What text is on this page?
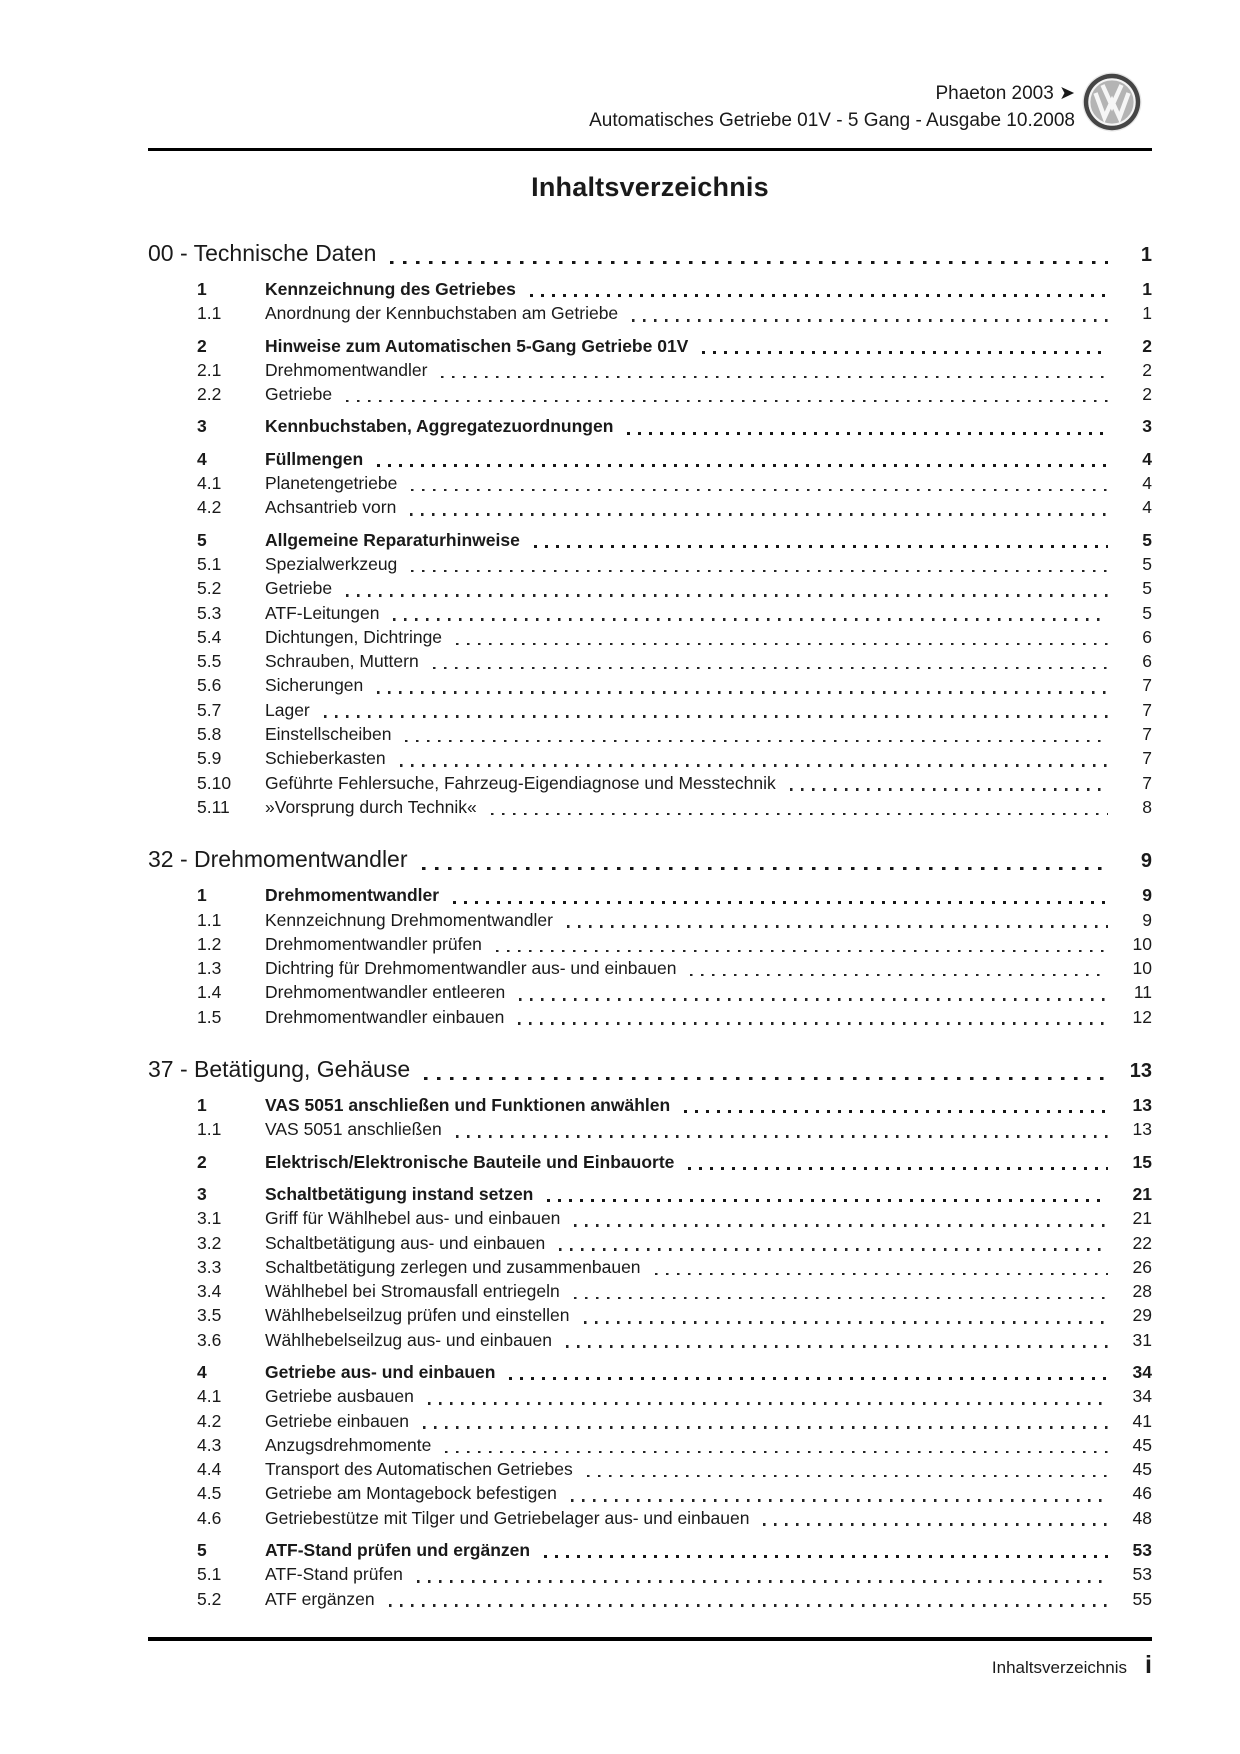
Phaeton 2003 ➤
Automatisches Getriebe 01V - 5 Gang - Ausgabe 10.2008
Inhaltsverzeichnis
00 - Technische Daten	1
1	Kennzeichnung des Getriebes	1
1.1	Anordnung der Kennbuchstaben am Getriebe	1
2	Hinweise zum Automatischen 5-Gang Getriebe 01V	2
2.1	Drehmomentwandler	2
2.2	Getriebe	2
3	Kennbuchstaben, Aggregatezuordnungen	3
4	Füllmengen	4
4.1	Planetengetriebe	4
4.2	Achsantrieb vorn	4
5	Allgemeine Reparaturhinweise	5
5.1	Spezialwerkzeug	5
5.2	Getriebe	5
5.3	ATF-Leitungen	5
5.4	Dichtungen, Dichtringe	6
5.5	Schrauben, Muttern	6
5.6	Sicherungen	7
5.7	Lager	7
5.8	Einstellscheiben	7
5.9	Schieberkasten	7
5.10	Geführte Fehlersuche, Fahrzeug-Eigendiagnose und Messtechnik	7
5.11	»Vorsprung durch Technik«	8
32 - Drehmomentwandler	9
1	Drehmomentwandler	9
1.1	Kennzeichnung Drehmomentwandler	9
1.2	Drehmomentwandler prüfen	10
1.3	Dichtring für Drehmomentwandler aus- und einbauen	10
1.4	Drehmomentwandler entleeren	11
1.5	Drehmomentwandler einbauen	12
37 - Betätigung, Gehäuse	13
1	VAS 5051 anschließen und Funktionen anwählen	13
1.1	VAS 5051 anschließen	13
2	Elektrisch/Elektronische Bauteile und Einbauorte	15
3	Schaltbetätigung instand setzen	21
3.1	Griff für Wählhebel aus- und einbauen	21
3.2	Schaltbetätigung aus- und einbauen	22
3.3	Schaltbetätigung zerlegen und zusammenbauen	26
3.4	Wählhebel bei Stromausfall entriegeln	28
3.5	Wählhebelseilzug prüfen und einstellen	29
3.6	Wählhebelseilzug aus- und einbauen	31
4	Getriebe aus- und einbauen	34
4.1	Getriebe ausbauen	34
4.2	Getriebe einbauen	41
4.3	Anzugsdrehmomente	45
4.4	Transport des Automatischen Getriebes	45
4.5	Getriebe am Montagebock befestigen	46
4.6	Getriebestütze mit Tilger und Getriebelager aus- und einbauen	48
5	ATF-Stand prüfen und ergänzen	53
5.1	ATF-Stand prüfen	53
5.2	ATF ergänzen	55
Inhaltsverzeichnis i
